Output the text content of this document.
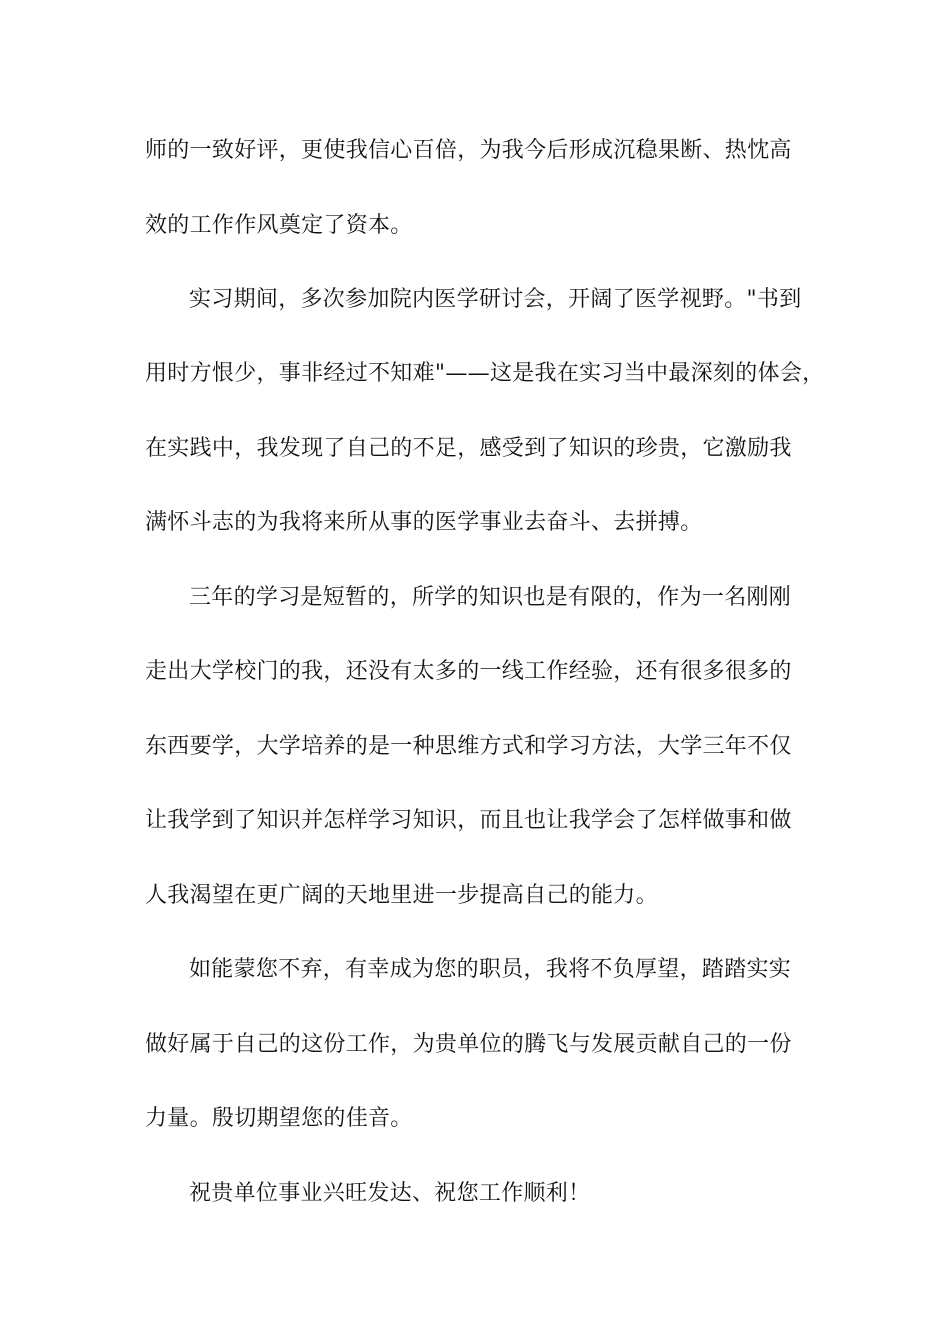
师的一致好评，更使我信心百倍，为我今后形成沉稳果断、热忱高
效的工作作风奠定了资本。
实习期间，多次参加院内医学研讨会，开阔了医学视野。"书到
用时方恨少，事非经过不知难"——这是我在实习当中最深刻的体会，
在实践中，我发现了自己的不足，感受到了知识的珍贵，它激励我
满怀斗志的为我将来所从事的医学事业去奋斗、去拼搏。
三年的学习是短暂的，所学的知识也是有限的，作为一名刚刚
走出大学校门的我，还没有太多的一线工作经验，还有很多很多的
东西要学，大学培养的是一种思维方式和学习方法，大学三年不仅
让我学到了知识并怎样学习知识，而且也让我学会了怎样做事和做
人我渴望在更广阔的天地里进一步提高自己的能力。
如能蒙您不弃，有幸成为您的职员，我将不负厚望，踏踏实实
做好属于自己的这份工作，为贵单位的腾飞与发展贡献自己的一份
力量。殷切期望您的佳音。
祝贵单位事业兴旺发达、祝您工作顺利！
